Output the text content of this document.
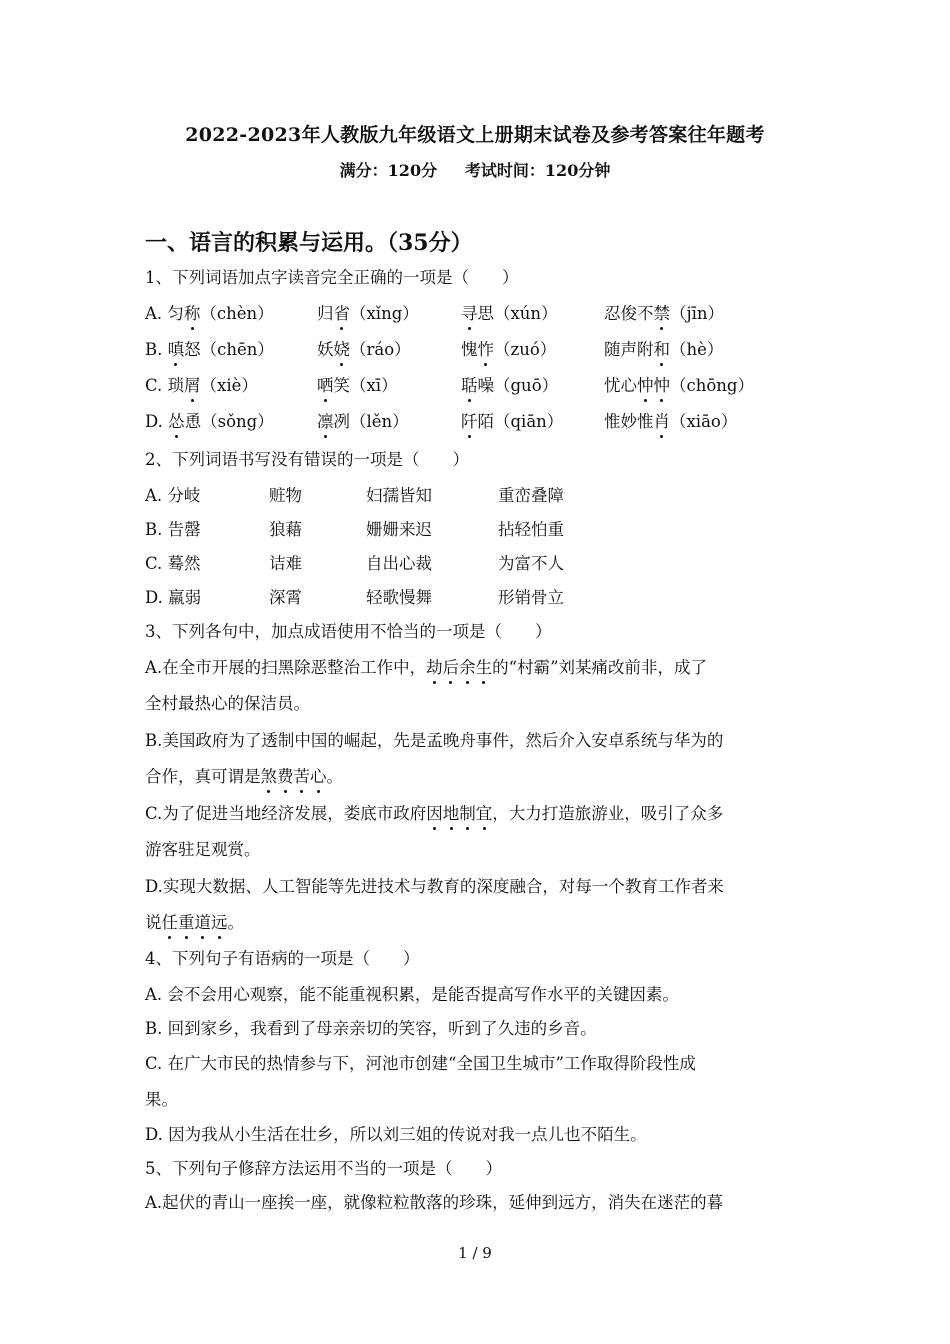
2022-2023年人教版九年级语文上册期末试卷及参考答案往年题考
满分：120分     考试时间：120分钟
一、语言的积累与运用。（35分）
1、下列词语加点字读音完全正确的一项是（　　）
A. 匀称（chèn）	归省（xǐng）	寻思（xún）	忍俊不禁（jīn）
B. 嗔怒（chēn）	妖娆（ráo）	愧怍（zuó）	随声附和（hè）
C. 琐屑（xiè）	哂笑（xī）	聒噪（guō）	忧心忡忡（chōng）
D. 怂恿（sǒng）	凛冽（lěn）	阡陌（qiān） 惟妙惟肖（xiāo）
2、下列词语书写没有错误的一项是（　　）
A. 分岐	赃物	妇孺皆知	重峦叠障
B. 告罄	狼藉	姗姗来迟	拈轻怕重
C. 蓦然	诘难	自出心裁	为富不人
D. 羸弱	深霄	轻歌慢舞	形销骨立
3、下列各句中，加点成语使用不恰当的一项是（　　）
A.在全市开展的扫黑除恶整治工作中，劫后余生的“村霸”刘某痛改前非，成了
全村最热心的保洁员。
B.美国政府为了透制中国的崛起，先是孟晚舟事件，然后介入安卓系统与华为的
合作，真可谓是煞费苦心。
C.为了促进当地经济发展，娄底市政府因地制宜，大力打造旅游业，吸引了众多
游客驻足观赏。
D.实现大数据、人工智能等先进技术与教育的深度融合，对每一个教育工作者来
说任重道远。
4、下列句子有语病的一项是（　　）
A. 会不会用心观察，能不能重视积累，是能否提高写作水平的关键因素。
B. 回到家乡，我看到了母亲亲切的笑容，听到了久违的乡音。
C. 在广大市民的热情参与下，河池市创建“全国卫生城市”工作取得阶段性成
果。
D. 因为我从小生活在壮乡，所以刘三姐的传说对我一点儿也不陌生。
5、下列句子修辞方法运用不当的一项是（　　）
A.起伏的青山一座挨一座，就像粒粒散落的珍珠，延伸到远方，消失在迷茫的暮
1 / 9
